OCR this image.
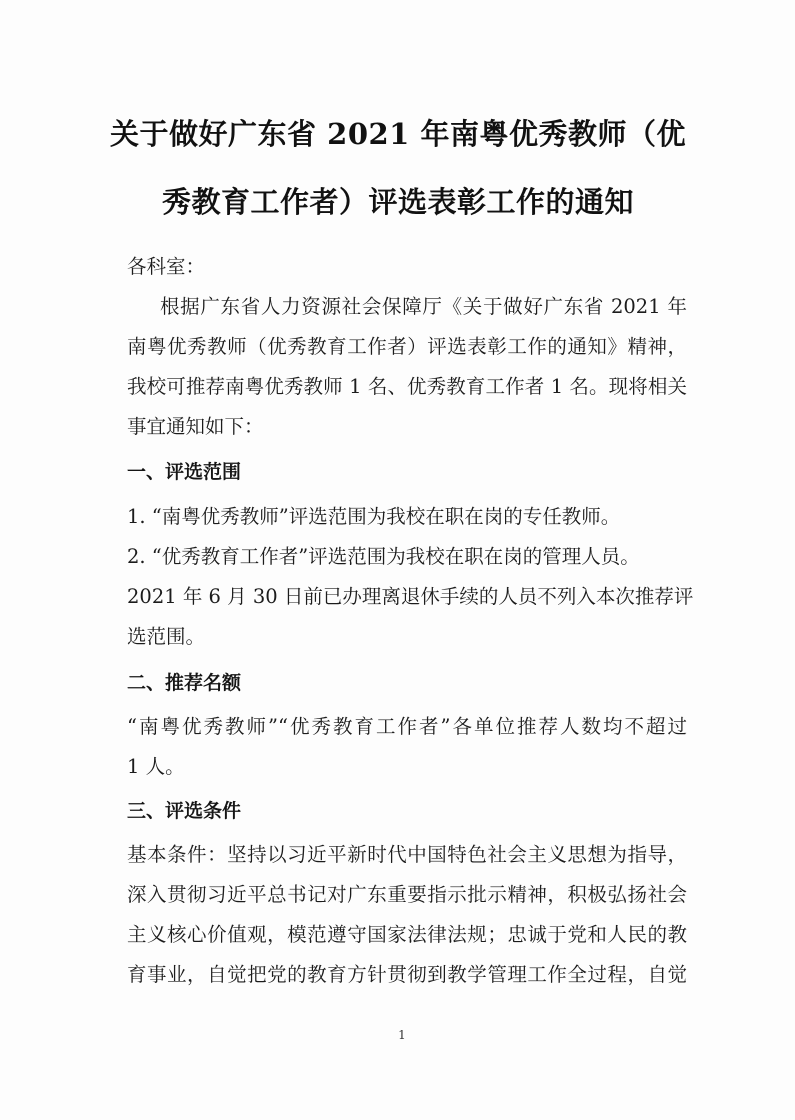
关于做好广东省 2021 年南粤优秀教师（优
秀教育工作者）评选表彰工作的通知
各科室：
根据广东省人力资源社会保障厅《关于做好广东省 2021 年
南粤优秀教师（优秀教育工作者）评选表彰工作的通知》精神，
我校可推荐南粤优秀教师 1 名、优秀教育工作者 1 名。现将相关
事宜通知如下：
一、评选范围
1. “南粤优秀教师”评选范围为我校在职在岗的专任教师。
2. “优秀教育工作者”评选范围为我校在职在岗的管理人员。
2021 年 6 月 30 日前已办理离退休手续的人员不列入本次推荐评
选范围。
二、推荐名额
“南粤优秀教师”“优秀教育工作者”各单位推荐人数均不超过
1 人。
三、评选条件
基本条件：坚持以习近平新时代中国特色社会主义思想为指导，
深入贯彻习近平总书记对广东重要指示批示精神，积极弘扬社会
主义核心价值观，模范遵守国家法律法规；忠诚于党和人民的教
育事业，自觉把党的教育方针贯彻到教学管理工作全过程，自觉
1
